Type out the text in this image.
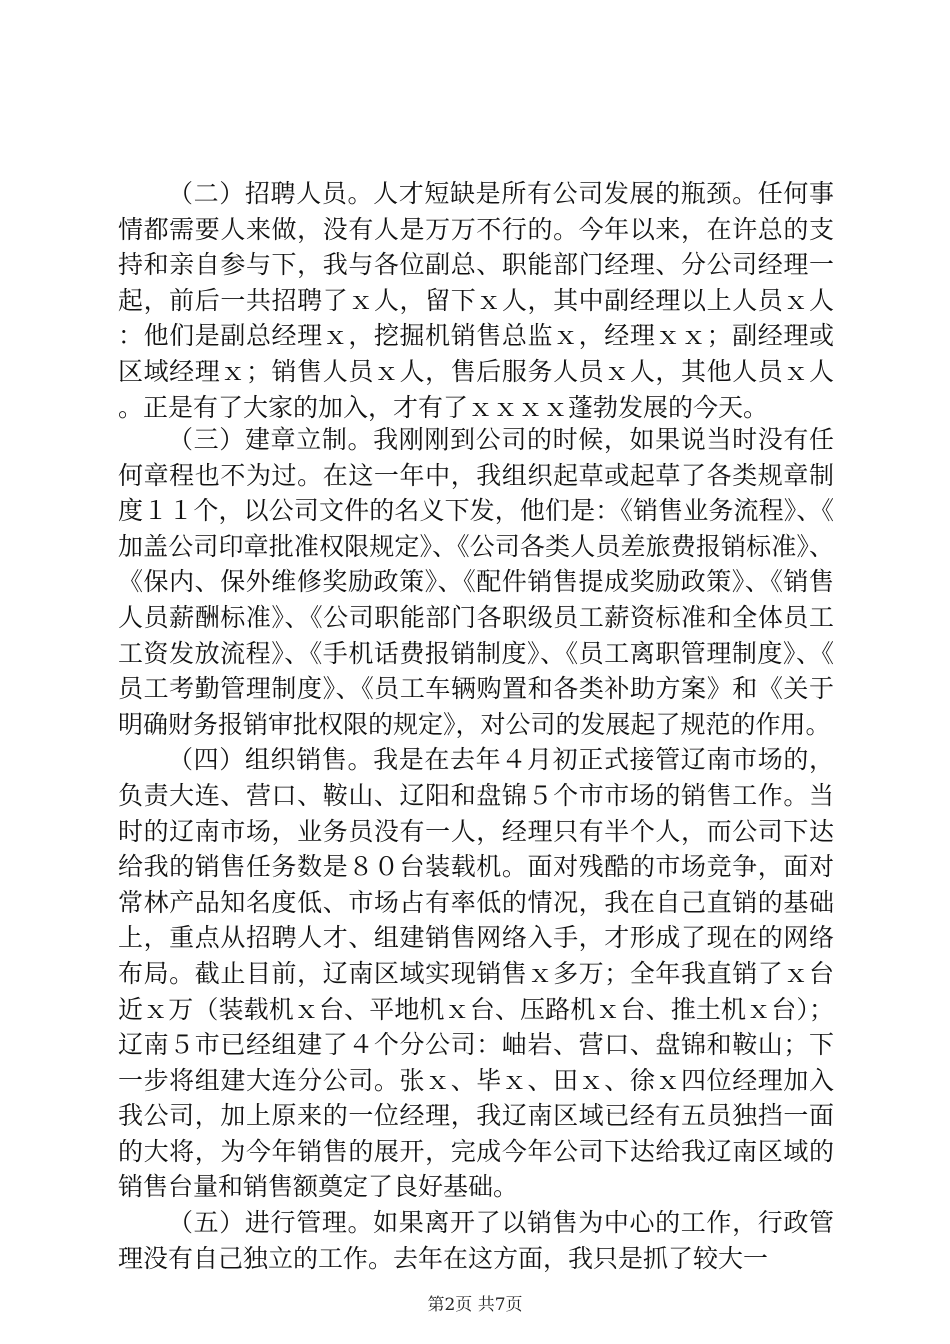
（二）招聘人员。人才短缺是所有公司发展的瓶颈。任何事情都需要人来做，没有人是万万不行的。今年以来，在许总的支持和亲自参与下，我与各位副总、职能部门经理、分公司经理一起，前后一共招聘了ｘ人，留下ｘ人，其中副经理以上人员ｘ人：他们是副总经理ｘ，挖掘机销售总监ｘ，经理ｘｘ；副经理或区域经理ｘ；销售人员ｘ人，售后服务人员ｘ人，其他人员ｘ人。正是有了大家的加入，才有了ｘｘｘｘ蓬勃发展的今天。

（三）建章立制。我刚刚到公司的时候，如果说当时没有任何章程也不为过。在这一年中，我组织起草或起草了各类规章制度１１个，以公司文件的名义下发，他们是：《销售业务流程》、《加盖公司印章批准权限规定》、《公司各类人员差旅费报销标准》、《保内、保外维修奖励政策》、《配件销售提成奖励政策》、《销售人员薪酬标准》、《公司职能部门各职级员工薪资标准和全体员工工资发放流程》、《手机话费报销制度》、《员工离职管理制度》、《员工考勤管理制度》、《员工车辆购置和各类补助方案》和《关于明确财务报销审批权限的规定》，对公司的发展起了规范的作用。

（四）组织销售。我是在去年４月初正式接管辽南市场的，负责大连、营口、鞍山、辽阳和盘锦５个市市场的销售工作。当时的辽南市场，业务员没有一人，经理只有半个人，而公司下达给我的销售任务数是８０台装载机。面对残酷的市场竞争，面对常林产品知名度低、市场占有率低的情况，我在自己直销的基础上，重点从招聘人才、组建销售网络入手，才形成了现在的网络布局。截止目前，辽南区域实现销售ｘ多万；全年我直销了ｘ台近ｘ万（装载机ｘ台、平地机ｘ台、压路机ｘ台、推土机ｘ台）；辽南５市已经组建了４个分公司：岫岩、营口、盘锦和鞍山；下一步将组建大连分公司。张ｘ、毕ｘ、田ｘ、徐ｘ四位经理加入我公司，加上原来的一位经理，我辽南区域已经有五员独挡一面的大将，为今年销售的展开，完成今年公司下达给我辽南区域的销售台量和销售额奠定了良好基础。

（五）进行管理。如果离开了以销售为中心的工作，行政管理没有自己独立的工作。去年在这方面，我只是抓了较大一

第2页 共7页
